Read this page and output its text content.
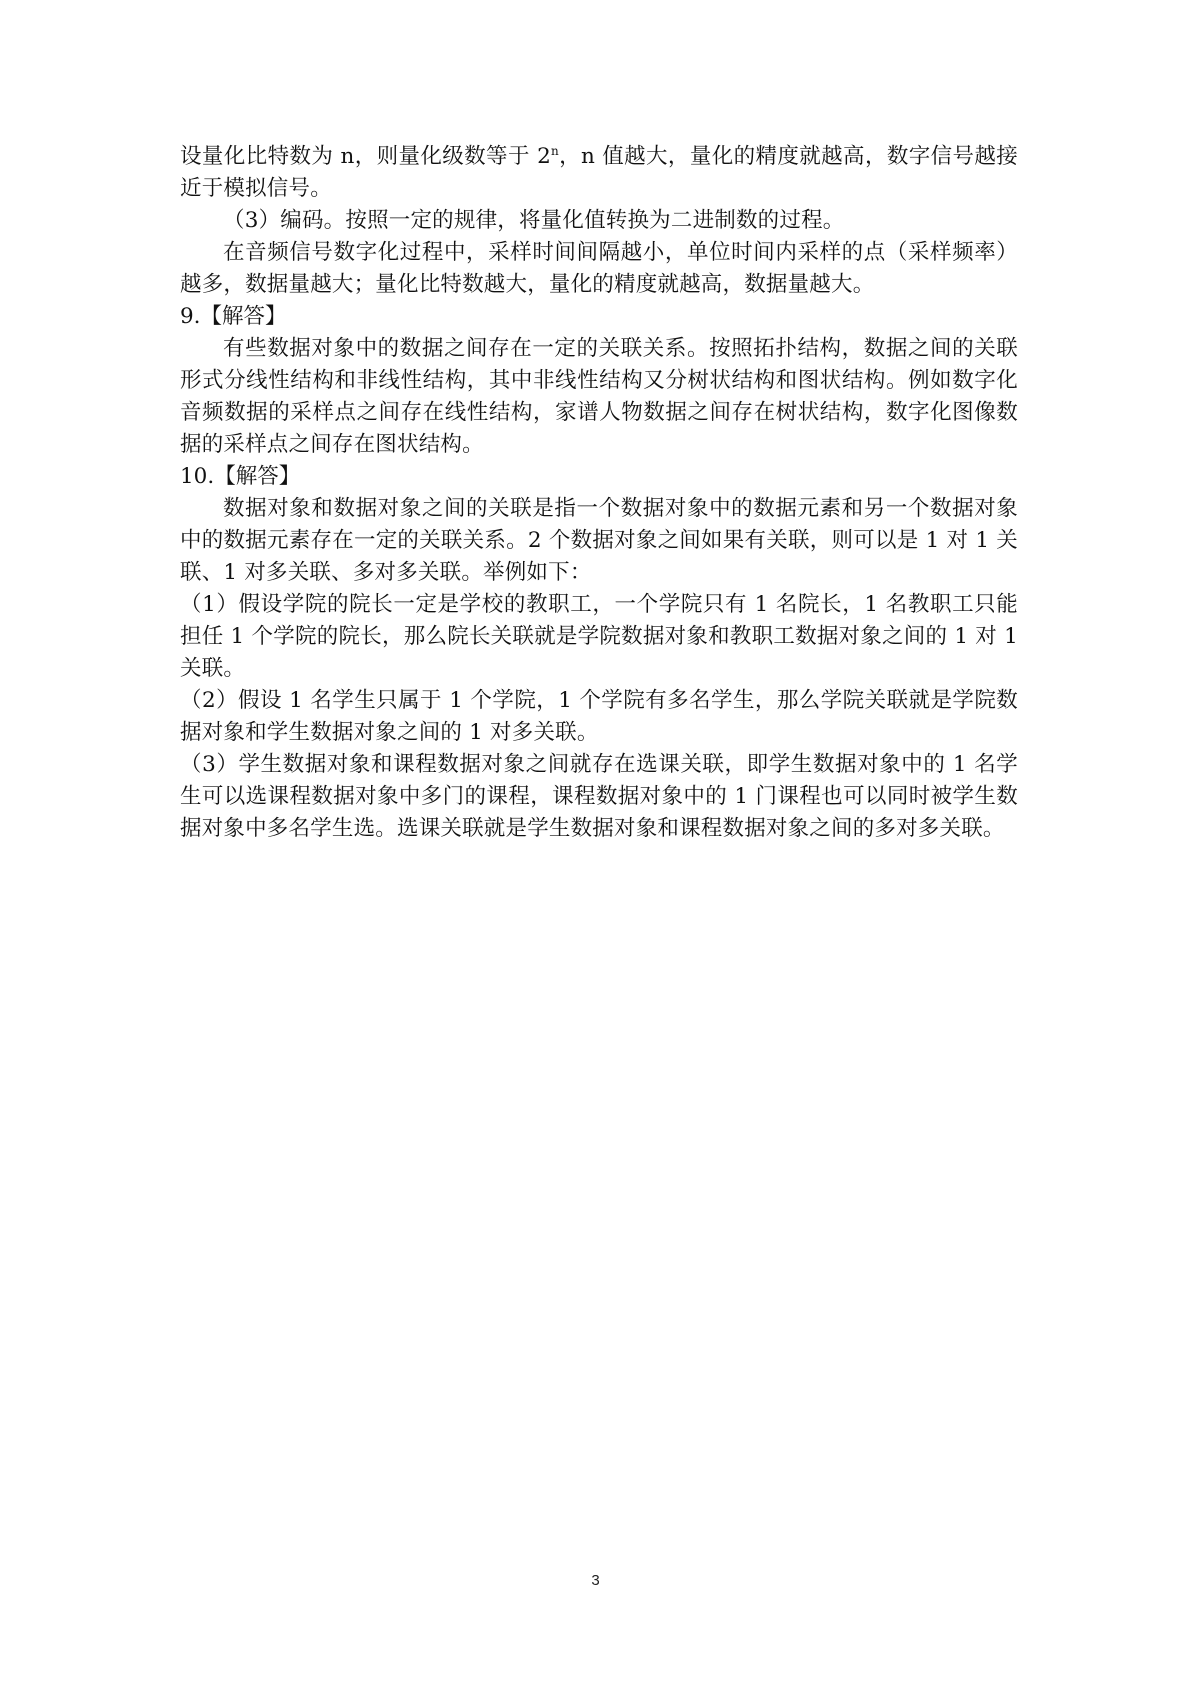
设量化比特数为 n，则量化级数等于 2$^n$，n 值越大，量化的精度就越高，数字信号越接近于模拟信号。

（3）编码。按照一定的规律，将量化值转换为二进制数的过程。

在音频信号数字化过程中，采样时间间隔越小，单位时间内采样的点（采样频率）越多，数据量越大；量化比特数越大，量化的精度就越高，数据量越大。

9.【解答】

有些数据对象中的数据之间存在一定的关联关系。按照拓扑结构，数据之间的关联形式分线性结构和非线性结构，其中非线性结构又分树状结构和图状结构。例如数字化音频数据的采样点之间存在线性结构，家谱人物数据之间存在树状结构，数字化图像数据的采样点之间存在图状结构。

10.【解答】

数据对象和数据对象之间的关联是指一个数据对象中的数据元素和另一个数据对象中的数据元素存在一定的关联关系。2 个数据对象之间如果有关联，则可以是 1 对 1 关联、1 对多关联、多对多关联。举例如下：

（1）假设学院的院长一定是学校的教职工，一个学院只有 1 名院长，1 名教职工只能担任 1 个学院的院长，那么院长关联就是学院数据对象和教职工数据对象之间的 1 对 1 关联。

（2）假设 1 名学生只属于 1 个学院，1 个学院有多名学生，那么学院关联就是学院数据对象和学生数据对象之间的 1 对多关联。

（3）学生数据对象和课程数据对象之间就存在选课关联，即学生数据对象中的 1 名学生可以选课程数据对象中多门的课程，课程数据对象中的 1 门课程也可以同时被学生数据对象中多名学生选。选课关联就是学生数据对象和课程数据对象之间的多对多关联。

3
